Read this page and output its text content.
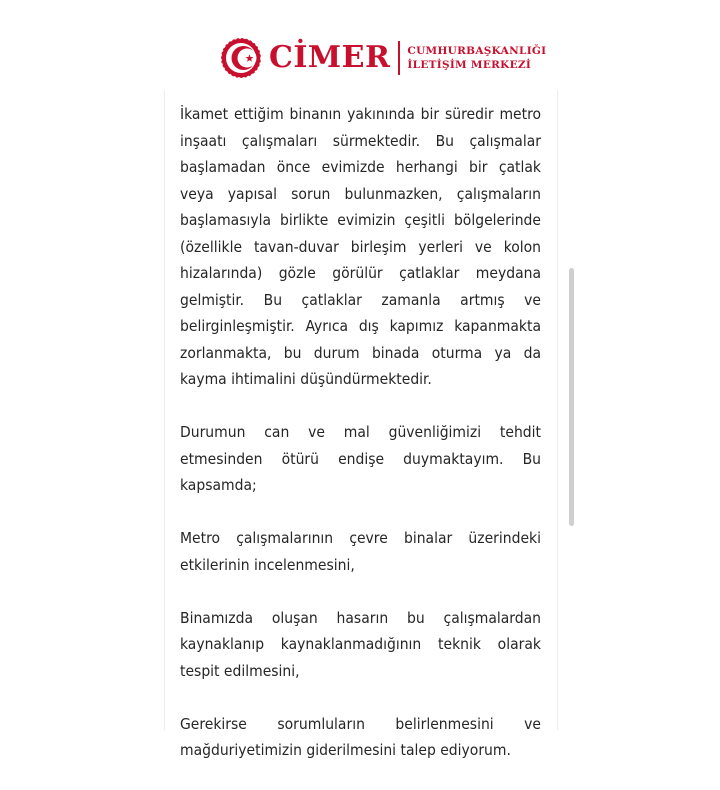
CİMER CUMHURBAŞKANLIĞI
İLETİŞİM MERKEZİ

İkamet ettiğim binanın yakınında bir süredir metro inşaatı çalışmaları sürmektedir. Bu çalışmalar başlamadan önce evimizde herhangi bir çatlak veya yapısal sorun bulunmazken, çalışmaların başlamasıyla birlikte evimizin çeşitli bölgelerinde (özellikle tavan-duvar birleşim yerleri ve kolon hizalarında) gözle görülür çatlaklar meydana gelmiştir. Bu çatlaklar zamanla artmış ve belirginleşmiştir. Ayrıca dış kapımız kapanmakta zorlanmakta, bu durum binada oturma ya da kayma ihtimalini düşündürmektedir.

Durumun can ve mal güvenliğimizi tehdit etmesinden ötürü endişe duymaktayım. Bu kapsamda;

Metro çalışmalarının çevre binalar üzerindeki etkilerinin incelenmesini,

Binamızda oluşan hasarın bu çalışmalardan kaynaklanıp kaynaklanmadığının teknik olarak tespit edilmesini,

Gerekirse sorumluların belirlenmesini ve mağduriyetimizin giderilmesini talep ediyorum.
